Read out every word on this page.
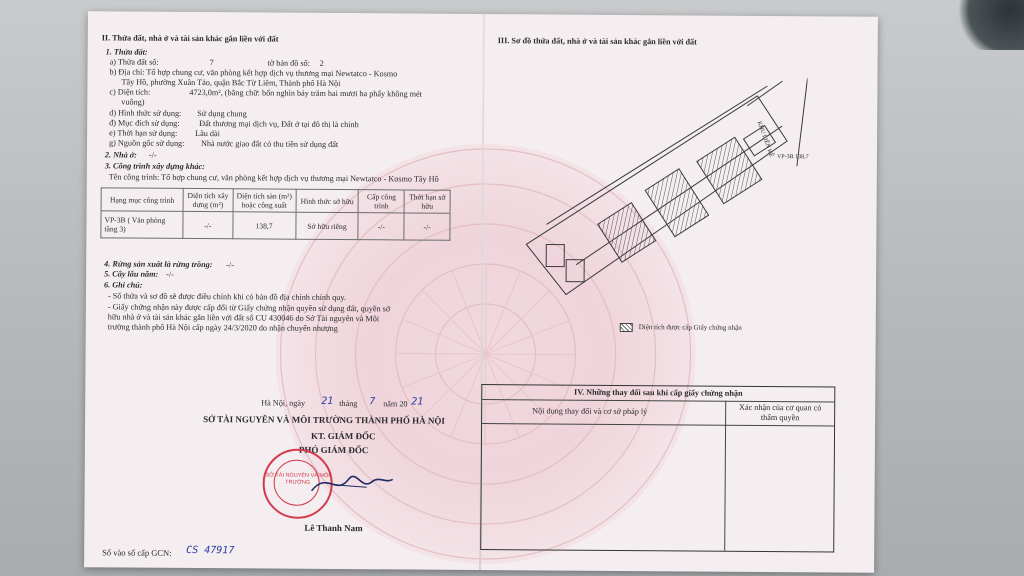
II. Thửa đất, nhà ở và tài sản khác gắn liền với đất
1. Thửa đất:
a) Thửa đất số:	7	tờ bản đồ số: 2
b) Địa chỉ: Tổ hợp chung cư, văn phòng kết hợp dịch vụ thương mại Newtatco - Kosmo
Tây Hồ, phường Xuân Tảo, quận Bắc Từ Liêm, Thành phố Hà Nội
c) Diện tích:	4723,0m², (bằng chữ: bốn nghìn bảy trăm hai mươi ba phẩy không mét
vuông)
d) Hình thức sử dụng: Sử dụng chung
đ) Mục đích sử dụng: Đất thương mại dịch vụ, Đất ở tại đô thị là chính
e) Thời hạn sử dụng: Lâu dài
g) Nguồn gốc sử dụng: Nhà nước giao đất có thu tiền sử dụng đất
2. Nhà ở: -/-
3. Công trình xây dựng khác:
Tên công trình: Tổ hợp chung cư, văn phòng kết hợp dịch vụ thương mại Newtatco - Kosmo Tây Hồ
Hạng mục công trình	Diện tích xây dựng (m²)	Diện tích sàn (m²) hoặc công suất	Hình thức sở hữu	Cấp công trình	Thời hạn sở hữu
VP-3B ( Văn phòng tầng 3)	-/-	138,7	Sở hữu riêng	-/-	-/-
4. Rừng sản xuất là rừng trồng: -/-
5. Cây lâu năm: -/-
6. Ghi chú:
- Số thửa và sơ đồ sẽ được điều chỉnh khi có bản đồ địa chính chính quy.
- Giấy chứng nhận này được cấp đổi từ Giấy chứng nhận quyền sử dụng đất, quyền sở
hữu nhà ở và tài sản khác gắn liền với đất số CU 430046 do Sở Tài nguyên và Môi
trường thành phố Hà Nội cấp ngày 24/3/2020 do nhận chuyển nhượng
Hà Nội, ngày 21 tháng 7 năm 20 21
SỞ TÀI NGUYÊN VÀ MÔI TRƯỜNG THÀNH PHỐ HÀ NỘI
KT. GIÁM ĐỐC
PHÓ GIÁM ĐỐC
SỞ TÀI NGUYÊN VÀ MÔI TRƯỜNG
Lê Thanh Nam
Số vào sổ cấp GCN: CS 47917
III. Sơ đồ thửa đất, nhà ở và tài sản khác gắn liền với đất
KHU LIÊN KỀ VP-3B 138,7
Diện tích được cấp Giấy chứng nhận
IV. Những thay đổi sau khi cấp giấy chứng nhận
Nội dung thay đổi và cơ sở pháp lý	Xác nhận của cơ quan có thẩm quyền
